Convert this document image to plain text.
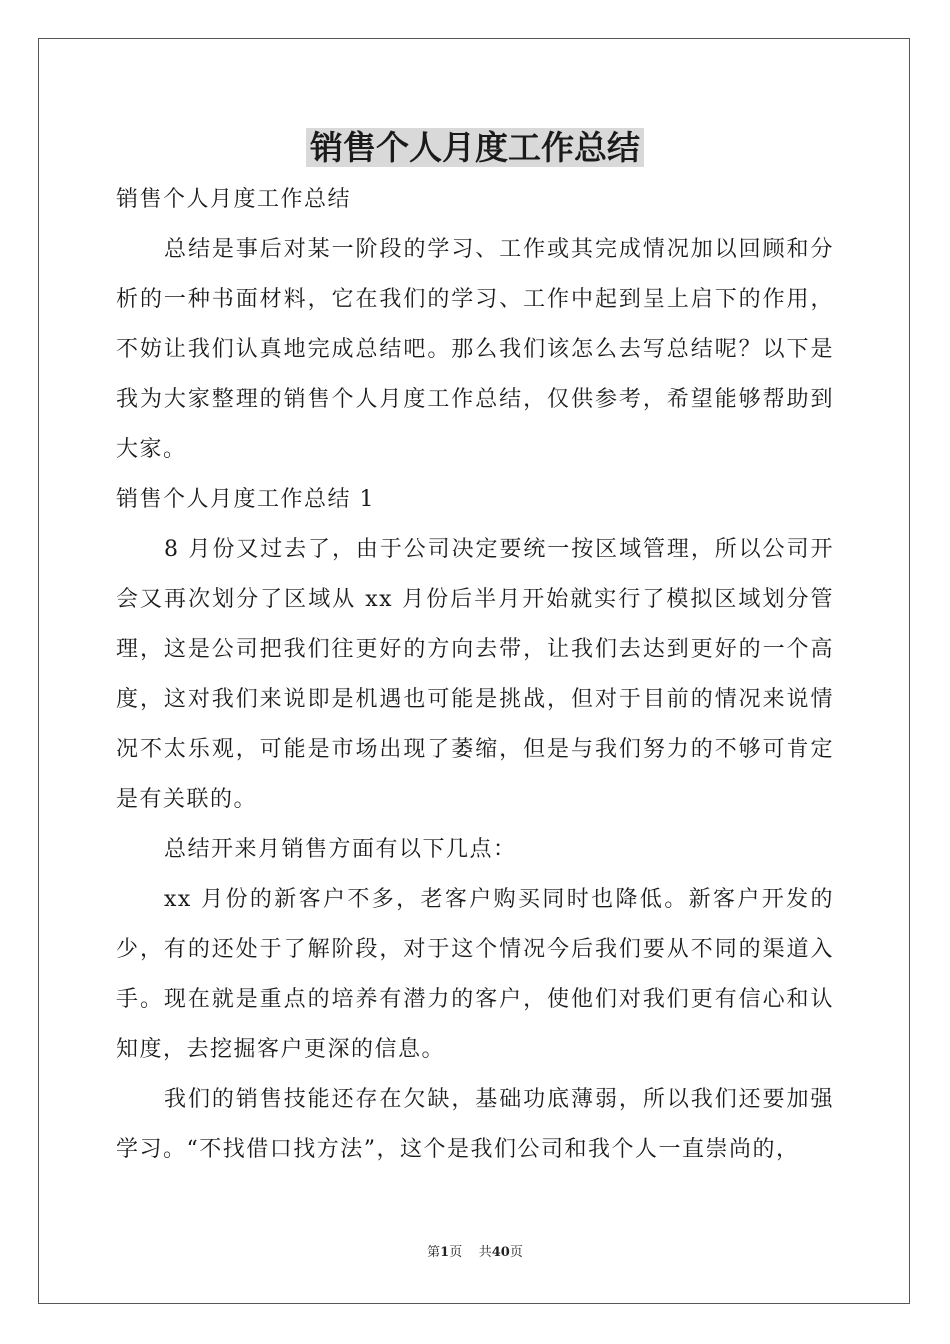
销售个人月度工作总结

销售个人月度工作总结

总结是事后对某一阶段的学习、工作或其完成情况加以回顾和分析的一种书面材料，它在我们的学习、工作中起到呈上启下的作用，不妨让我们认真地完成总结吧。那么我们该怎么去写总结呢？以下是我为大家整理的销售个人月度工作总结，仅供参考，希望能够帮助到大家。

销售个人月度工作总结 1

8 月份又过去了，由于公司决定要统一按区域管理，所以公司开会又再次划分了区域从 xx 月份后半月开始就实行了模拟区域划分管理，这是公司把我们往更好的方向去带，让我们去达到更好的一个高度，这对我们来说即是机遇也可能是挑战，但对于目前的情况来说情况不太乐观，可能是市场出现了萎缩，但是与我们努力的不够可肯定是有关联的。

总结开来月销售方面有以下几点：

xx 月份的新客户不多，老客户购买同时也降低。新客户开发的少，有的还处于了解阶段，对于这个情况今后我们要从不同的渠道入手。现在就是重点的培养有潜力的客户，使他们对我们更有信心和认知度，去挖掘客户更深的信息。

我们的销售技能还存在欠缺，基础功底薄弱，所以我们还要加强学习。“不找借口找方法”，这个是我们公司和我个人一直崇尚的，

第1页 共40页
